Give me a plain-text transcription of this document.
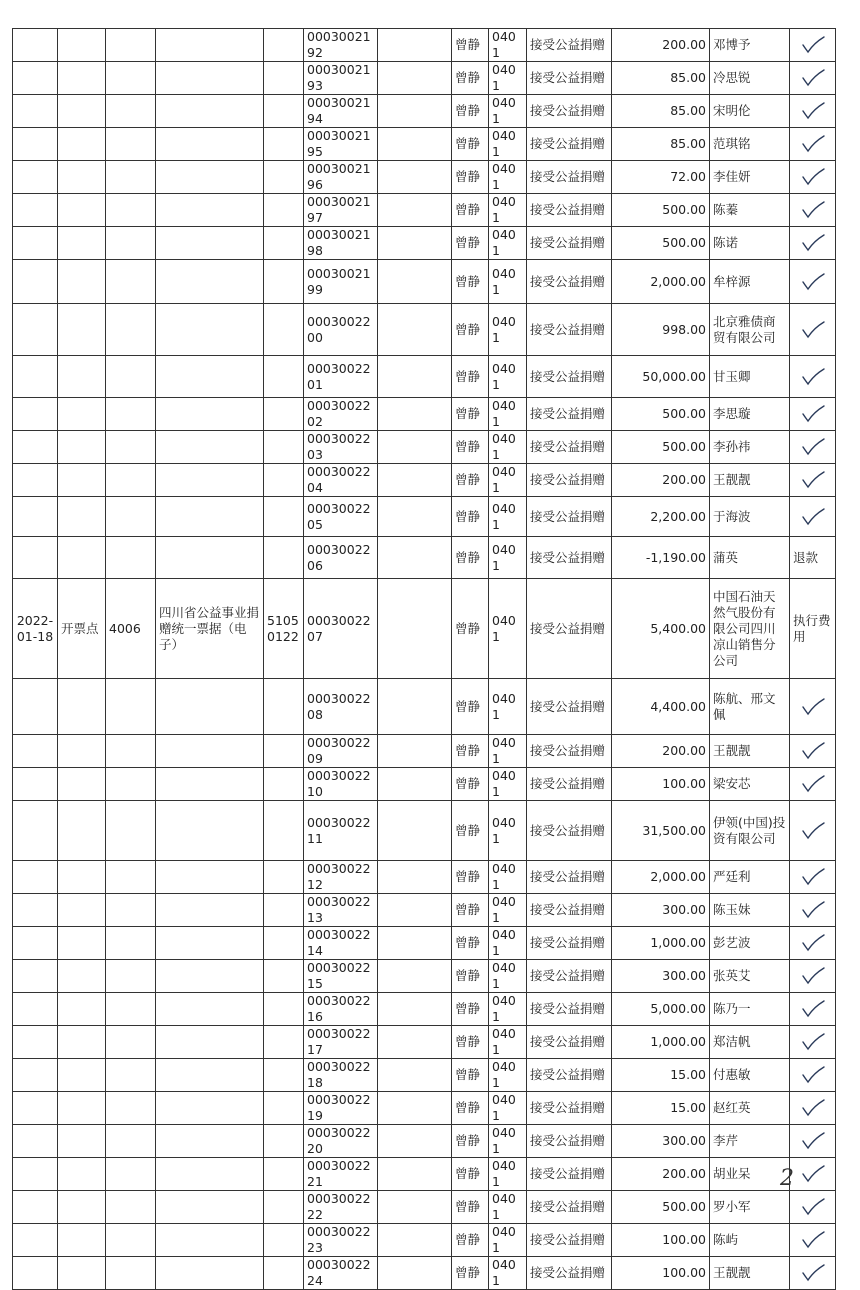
					0003002192		曾静	0401	接受公益捐赠	200.00	邓博予	

					0003002193		曾静	0401	接受公益捐赠	85.00	冷思锐	

					0003002194		曾静	0401	接受公益捐赠	85.00	宋明伦	

					0003002195		曾静	0401	接受公益捐赠	85.00	范琪铭	

					0003002196		曾静	0401	接受公益捐赠	72.00	李佳妍	

					0003002197		曾静	0401	接受公益捐赠	500.00	陈蓁	

					0003002198		曾静	0401	接受公益捐赠	500.00	陈诺	

					0003002199		曾静	0401	接受公益捐赠	2,000.00	牟梓源	

					0003002200		曾静	0401	接受公益捐赠	998.00	北京雅债商贸有限公司	

					0003002201		曾静	0401	接受公益捐赠	50,000.00	甘玉卿	

					0003002202		曾静	0401	接受公益捐赠	500.00	李思璇	

					0003002203		曾静	0401	接受公益捐赠	500.00	李孙祎	

					0003002204		曾静	0401	接受公益捐赠	200.00	王靓靓	

					0003002205		曾静	0401	接受公益捐赠	2,200.00	于海波	

					0003002206		曾静	0401	接受公益捐赠	-1,190.00	蒲英	退款
2022-01-18	开票点	4006	四川省公益事业捐赠统一票据（电子）	51050122	0003002207		曾静	0401	接受公益捐赠	5,400.00	中国石油天然气股份有限公司四川凉山销售分公司	执行费用
					0003002208		曾静	0401	接受公益捐赠	4,400.00	陈航、邢文佩	

					0003002209		曾静	0401	接受公益捐赠	200.00	王靓靓	

					0003002210		曾静	0401	接受公益捐赠	100.00	梁安芯	

					0003002211		曾静	0401	接受公益捐赠	31,500.00	伊领(中国)投资有限公司	

					0003002212		曾静	0401	接受公益捐赠	2,000.00	严廷利	

					0003002213		曾静	0401	接受公益捐赠	300.00	陈玉妹	

					0003002214		曾静	0401	接受公益捐赠	1,000.00	彭艺波	

					0003002215		曾静	0401	接受公益捐赠	300.00	张英艾	

					0003002216		曾静	0401	接受公益捐赠	5,000.00	陈乃一	

					0003002217		曾静	0401	接受公益捐赠	1,000.00	郑洁帆	

					0003002218		曾静	0401	接受公益捐赠	15.00	付惠敏	

					0003002219		曾静	0401	接受公益捐赠	15.00	赵红英	

					0003002220		曾静	0401	接受公益捐赠	300.00	李芹	

					0003002221		曾静	0401	接受公益捐赠	200.00	胡业呆	

					0003002222		曾静	0401	接受公益捐赠	500.00	罗小军	

					0003002223		曾静	0401	接受公益捐赠	100.00	陈屿	

					0003002224		曾静	0401	接受公益捐赠	100.00	王靓靓	
2
